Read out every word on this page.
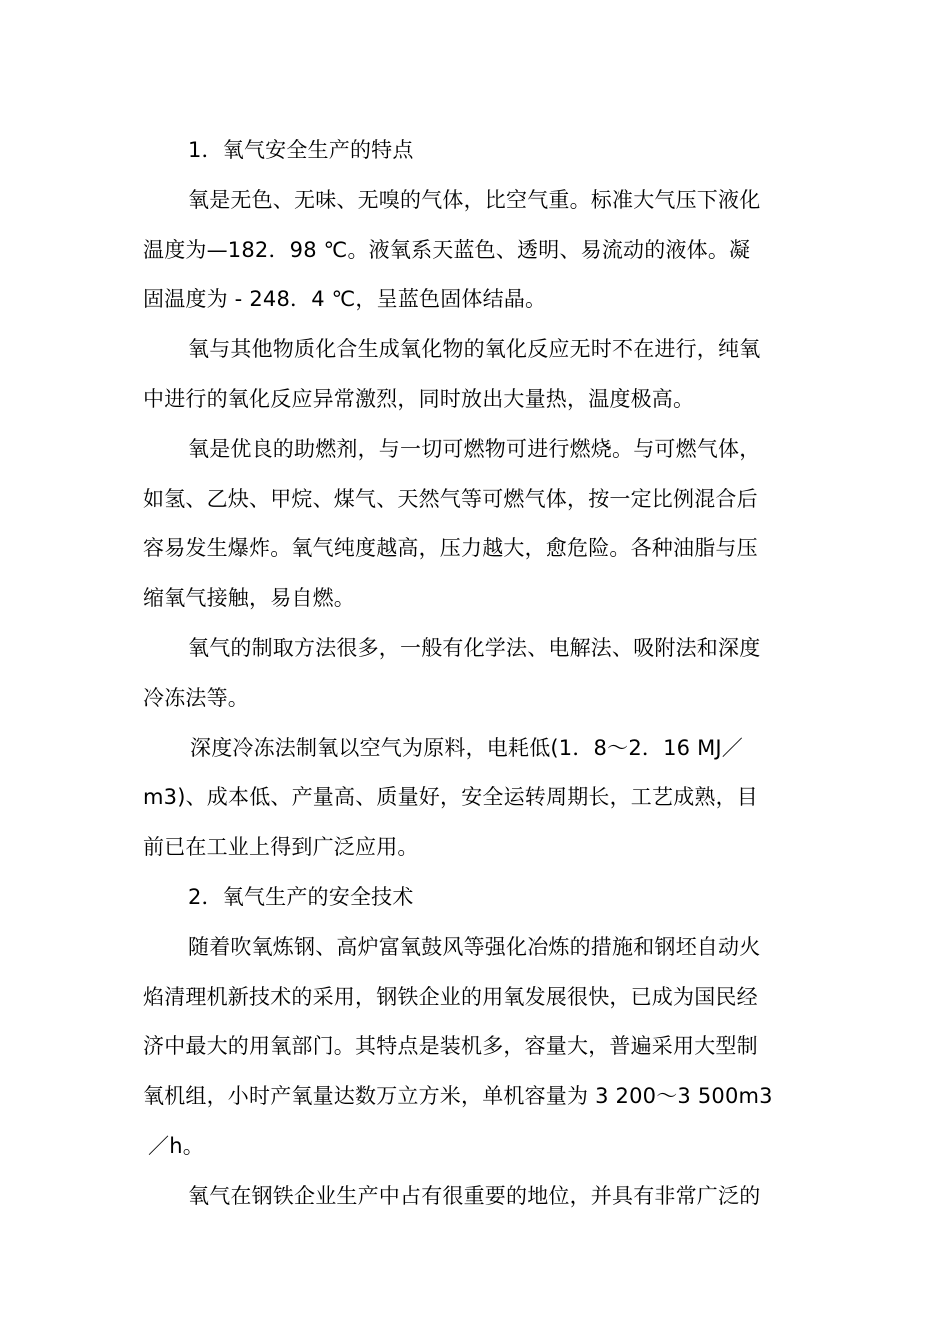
1．氧气安全生产的特点
氧是无色、无味、无嗅的气体，比空气重。标准大气压下液化
温度为—182．98 ℃。液氧系天蓝色、透明、易流动的液体。凝
固温度为 - 248．4 ℃，呈蓝色固体结晶。
氧与其他物质化合生成氧化物的氧化反应无时不在进行，纯氧
中进行的氧化反应异常激烈，同时放出大量热，温度极高。
氧是优良的助燃剂，与一切可燃物可进行燃烧。与可燃气体，
如氢、乙炔、甲烷、煤气、天然气等可燃气体，按一定比例混合后
容易发生爆炸。氧气纯度越高，压力越大，愈危险。各种油脂与压
缩氧气接触，易自燃。
氧气的制取方法很多，一般有化学法、电解法、吸附法和深度
冷冻法等。
深度冷冻法制氧以空气为原料，电耗低(1．8～2．16 MJ／
m3)、成本低、产量高、质量好，安全运转周期长，工艺成熟，目
前已在工业上得到广泛应用。
2．氧气生产的安全技术
随着吹氧炼钢、高炉富氧鼓风等强化冶炼的措施和钢坯自动火
焰清理机新技术的采用，钢铁企业的用氧发展很快，已成为国民经
济中最大的用氧部门。其特点是装机多，容量大，普遍采用大型制
氧机组，小时产氧量达数万立方米，单机容量为 3 200～3 500m3
／h。
氧气在钢铁企业生产中占有很重要的地位，并具有非常广泛的
